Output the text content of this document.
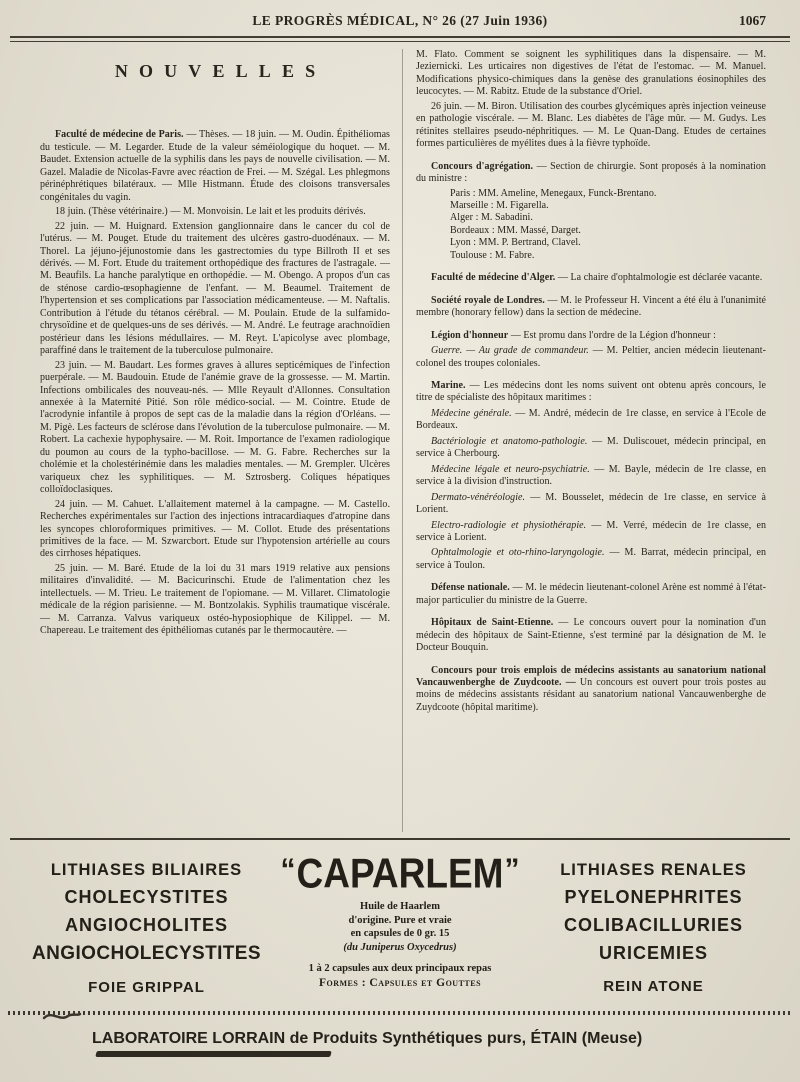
LE PROGRÈS MÉDICAL, N° 26 (27 Juin 1936)	1067
NOUVELLES

Faculté de médecine de Paris. — Thèses. — 18 juin. — M. Oudin. Épithéliomas du testicule. — M. Legarder. Etude de la valeur séméiologique du hoquet. — M. Baudet. Extension actuelle de la syphilis dans les pays de nouvelle civilisation. — M. Gazel. Maladie de Nicolas-Favre avec réaction de Frei. — M. Szégal. Les phlegmons périnéphrétiques bilatéraux. — Mlle Histmann. Étude des cloisons transversales congénitales du vagin.

18 juin. (Thèse vétérinaire.) — M. Monvoisin. Le lait et les produits dérivés.

22 juin. — M. Huignard. Extension ganglionnaire dans le cancer du col de l'utérus. — M. Pouget. Etude du traitement des ulcères gastro-duodénaux. — M. Thorel. La jéjuno-jéjunostomie dans les gastrectomies du type Billroth II et ses dérivés. — M. Fort. Etude du traitement orthopédique des fractures de l'astragale. — M. Beaufils. La hanche paralytique en orthopédie. — M. Obengo. A propos d'un cas de sténose cardio-œsophagienne de l'enfant. — M. Beaumel. Traitement de l'hypertension et ses complications par l'association médicamenteuse. — M. Naftalis. Contribution à l'étude du tétanos cérébral. — M. Poulain. Etude de la sulfamido-chrysoïdine et de quelques-uns de ses dérivés. — M. André. Le feutrage arachnoïdien postérieur dans les lésions médullaires. — M. Reyt. L'apicolyse avec plombage, paraffiné dans le traitement de la tuberculose pulmonaire.

23 juin. — M. Baudart. Les formes graves à allures septicémiques de l'infection puerpérale. — M. Baudouin. Etude de l'anémie grave de la grossesse. — M. Martin. Infections ombilicales des nouveau-nés. — Mlle Reyault d'Allonnes. Consultation annexée à la Maternité Pitié. Son rôle médico-social. — M. Cointre. Etude de l'acrodynie infantile à propos de sept cas de la maladie dans la région d'Orléans. — M. Pigè. Les facteurs de sclérose dans l'évolution de la tuberculose pulmonaire. — M. Robert. La cachexie hypophysaire. — M. Roit. Importance de l'examen radiologique du poumon au cours de la typho-bacillose. — M. G. Fabre. Recherches sur la cholémie et la cholestérinémie dans les maladies mentales. — M. Grempler. Ulcères variqueux chez les syphilitiques. — M. Sztrosberg. Coliques hépatiques colloïdoclasiques.

24 juin. — M. Cahuet. L'allaitement maternel à la campagne. — M. Castello. Recherches expérimentales sur l'action des injections intracardiaques d'atropine dans les syncopes chloroformiques primitives. — M. Collot. Etude des présentations primitives de la face. — M. Szwarcbort. Etude sur l'hypotension artérielle au cours des cirrhoses hépatiques.

25 juin. — M. Baré. Etude de la loi du 31 mars 1919 relative aux pensions militaires d'invalidité. — M. Bacicurinschi. Etude de l'alimentation chez les intellectuels. — M. Trieu. Le traitement de l'opiomane. — M. Villaret. Climatologie médicale de la région parisienne. — M. Bontzolakis. Syphilis traumatique viscérale. — M. Carranza. Valvus variqueux ostéo-hyposiophique de Kilippel. — M. Chapereau. Le traitement des épithéliomas cutanés par le thermocautère. —

M. Flato. Comment se soignent les syphilitiques dans la dispensaire. — M. Jeziernicki. Les urticaires non digestives de l'état de l'estomac. — M. Manuel. Modifications physico-chimiques dans la genèse des granulations éosinophiles des leucocytes. — M. Rabitz. Etude de la substance d'Oriel.

26 juin. — M. Biron. Utilisation des courbes glycémiques après injection veineuse en pathologie viscérale. — M. Blanc. Les diabètes de l'âge mûr. — M. Gudys. Les rétinites stellaires pseudo-néphritiques. — M. Le Quan-Dang. Etudes de certaines formes particulières de myélites dues à la fièvre typhoïde.

Concours d'agrégation. — Section de chirurgie. Sont proposés à la nomination du ministre :

Paris : MM. Ameline, Menegaux, Funck-Brentano.

Marseille : M. Figarella.

Alger : M. Sabadini.

Bordeaux : MM. Massé, Darget.

Lyon : MM. P. Bertrand, Clavel.

Toulouse : M. Fabre.

Faculté de médecine d'Alger. — La chaire d'ophtalmologie est déclarée vacante.

Société royale de Londres. — M. le Professeur H. Vincent a été élu à l'unanimité membre (honorary fellow) dans la section de médecine.

Légion d'honneur — Est promu dans l'ordre de la Légion d'honneur :

Guerre. — Au grade de commandeur. — M. Peltier, ancien médecin lieutenant-colonel des troupes coloniales.

Marine. — Les médecins dont les noms suivent ont obtenu après concours, le titre de spécialiste des hôpitaux maritimes :

Médecine générale. — M. André, médecin de 1re classe, en service à l'Ecole de Bordeaux.

Bactériologie et anatomo-pathologie. — M. Duliscouet, médecin principal, en service à Cherbourg.

Médecine légale et neuro-psychiatrie. — M. Bayle, médecin de 1re classe, en service à la division d'instruction.

Dermato-vénéréologie. — M. Bousselet, médecin de 1re classe, en service à Lorient.

Electro-radiologie et physiothérapie. — M. Verré, médecin de 1re classe, en service à Lorient.

Ophtalmologie et oto-rhino-laryngologie. — M. Barrat, médecin principal, en service à Toulon.

Défense nationale. — M. le médecin lieutenant-colonel Arène est nommé à l'état-major particulier du ministre de la Guerre.

Hôpitaux de Saint-Etienne. — Le concours ouvert pour la nomination d'un médecin des hôpitaux de Saint-Etienne, s'est terminé par la désignation de M. le Docteur Bouquin.

Concours pour trois emplois de médecins assistants au sanatorium national Vancauwenberghe de Zuydcoote. — Un concours est ouvert pour trois postes au moins de médecins assistants résidant au sanatorium national Vancauwenberghe de Zuydcoote (hôpital maritime).

LITHIASES BILIAIRES
CHOLECYSTITES
ANGIOCHOLITES
ANGIOCHOLECYSTITES
FOIE GRIPPAL
“ CAPARLEM ”
Huile de Haarlem
d'origine. Pure et vraie
en capsules de 0 gr. 15
(du Juniperus Oxycedrus)
1 à 2 capsules aux deux principaux repas
Formes : Capsules et Gouttes
LITHIASES RENALES
PYELONEPHRITES
COLIBACILLURIES
URICEMIES
REIN ATONE
LABORATOIRE LORRAIN de Produits Synthétiques purs, ÉTAIN (Meuse)
